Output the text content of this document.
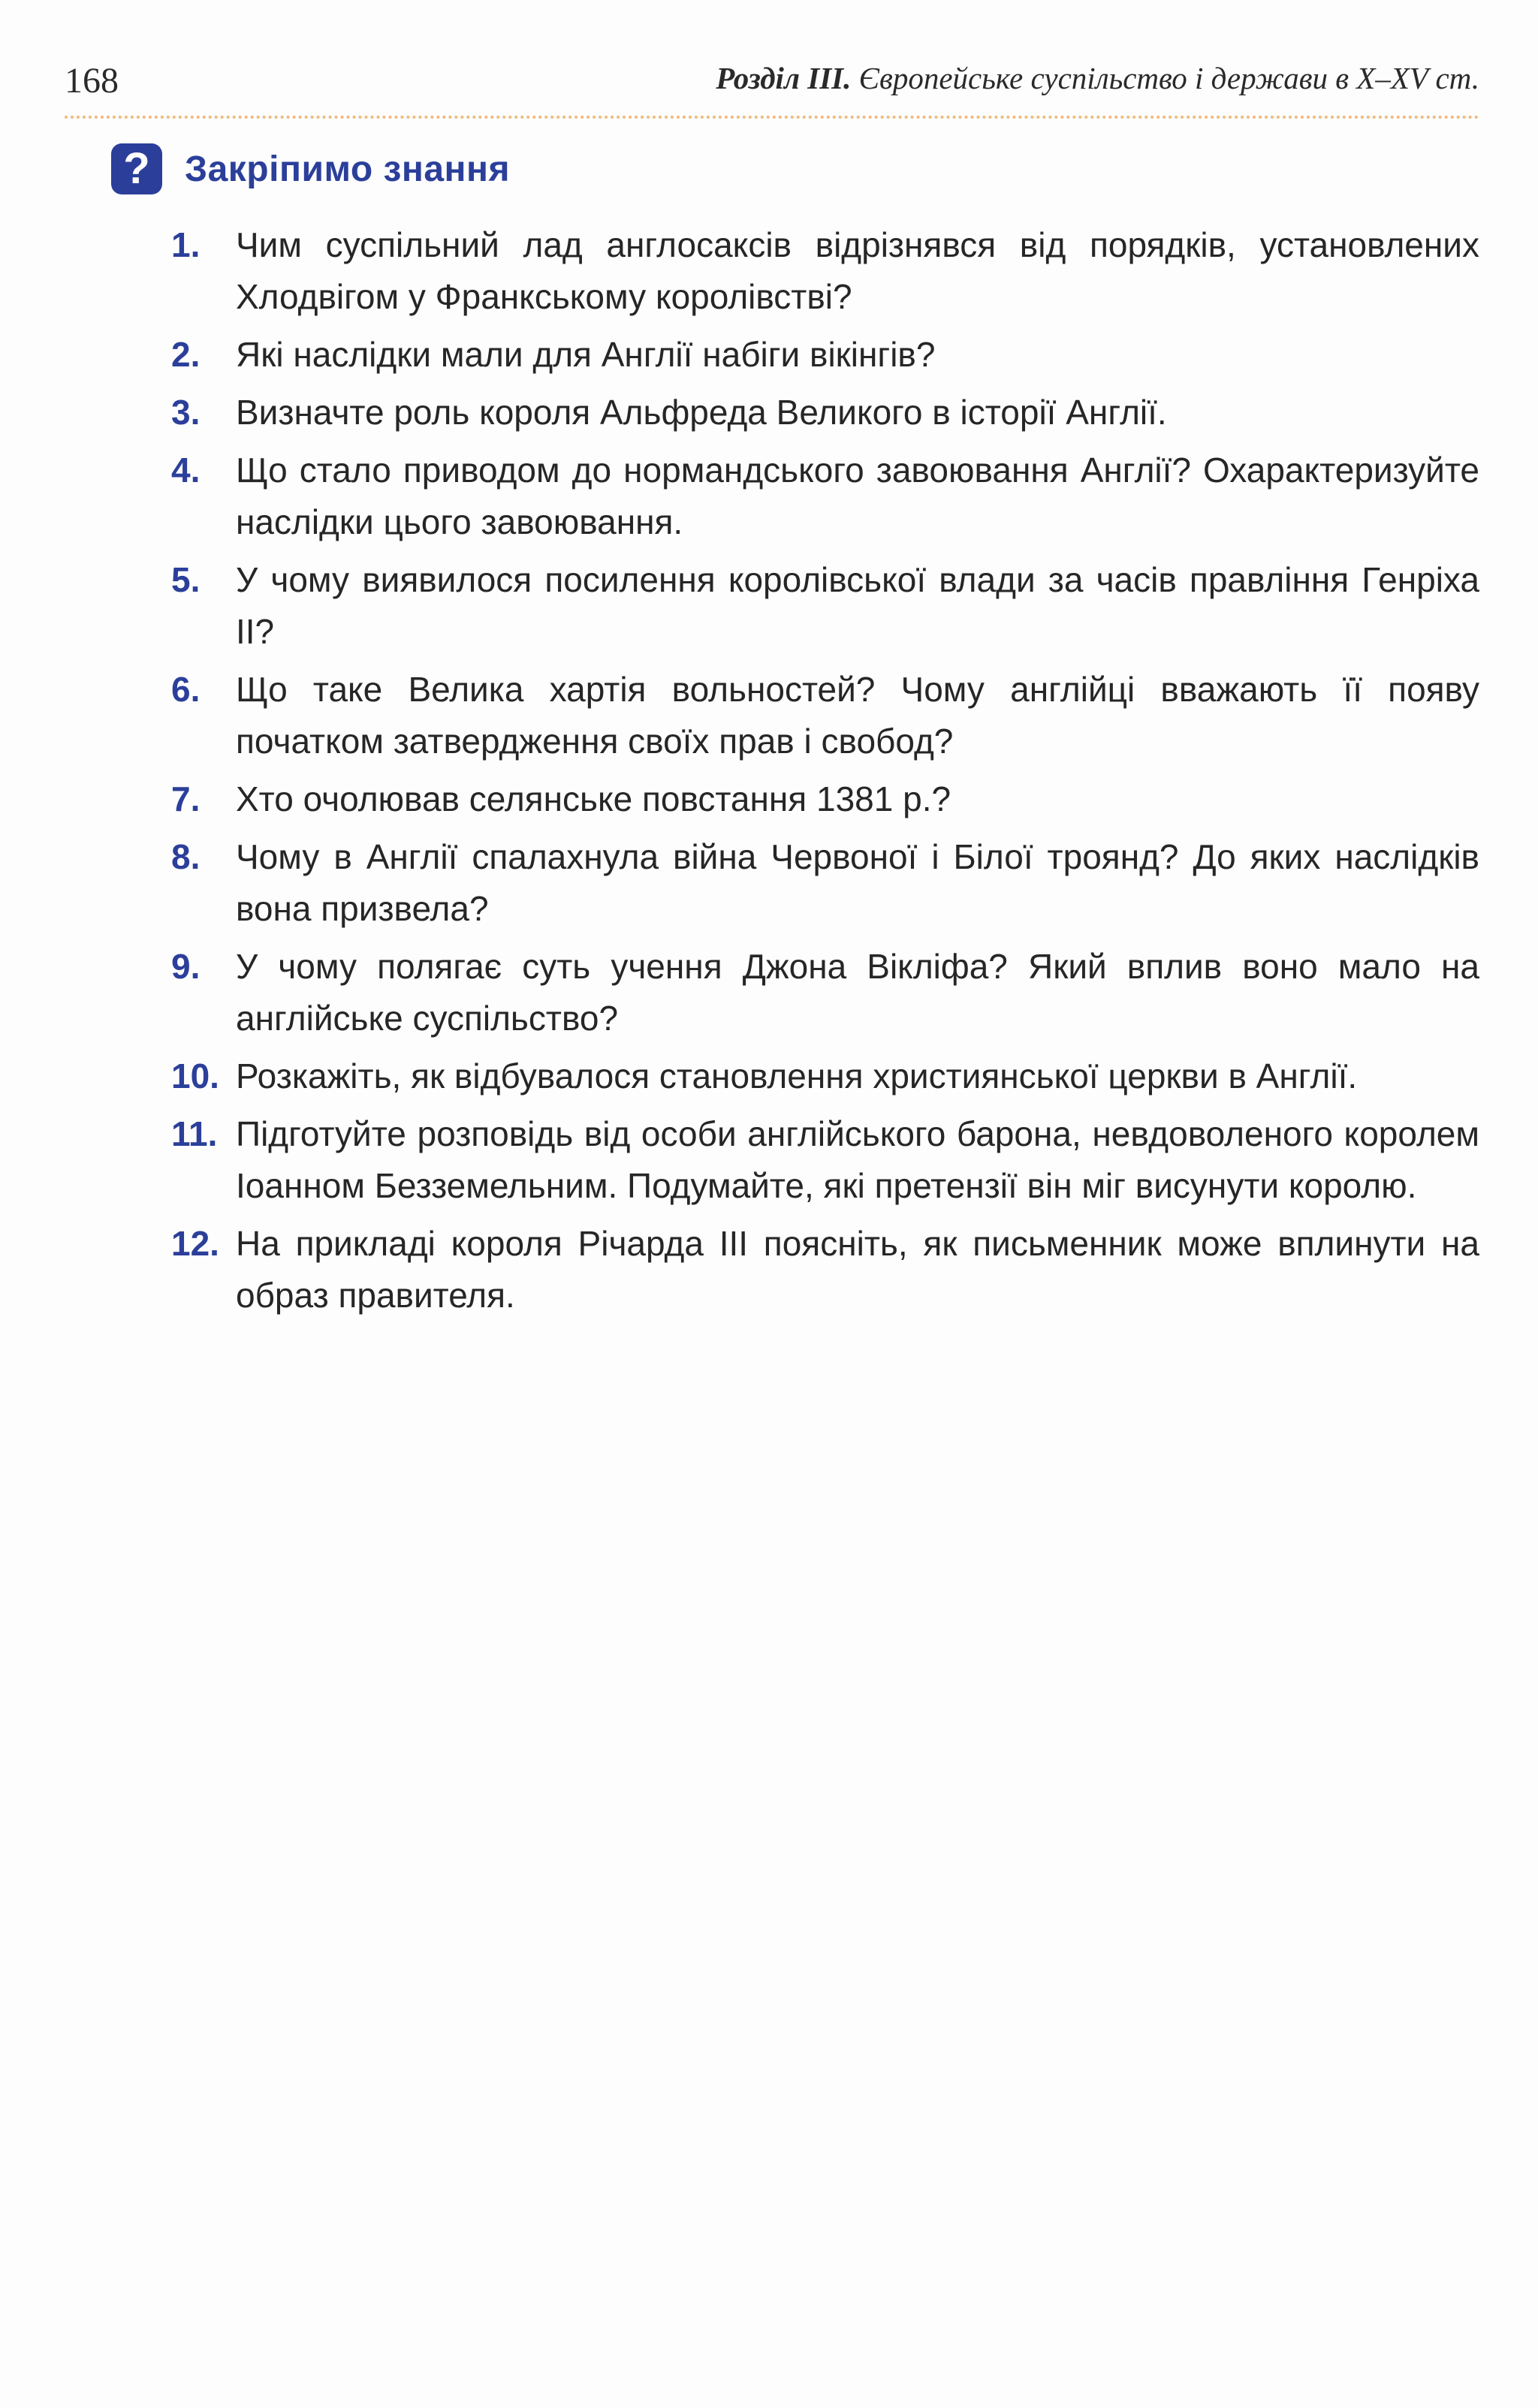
168	Розділ III. Європейське суспільство і держави в X–XV ст.
? Закріпимо знання
1. Чим суспільний лад англосаксів відрізнявся від порядків, установлених Хлодвігом у Франкському королівстві?
2. Які наслідки мали для Англії набіги вікінгів?
3. Визначте роль короля Альфреда Великого в історії Англії.
4. Що стало приводом до нормандського завоювання Англії? Охарактеризуйте наслідки цього завоювання.
5. У чому виявилося посилення королівської влади за часів правління Генріха II?
6. Що таке Велика хартія вольностей? Чому англійці вважають її появу початком затвердження своїх прав і свобод?
7. Хто очолював селянське повстання 1381 р.?
8. Чому в Англії спалахнула війна Червоної і Білої троянд? До яких наслідків вона призвела?
9. У чому полягає суть учення Джона Вікліфа? Який вплив воно мало на англійське суспільство?
10. Розкажіть, як відбувалося становлення християнської церкви в Англії.
11. Підготуйте розповідь від особи англійського барона, невдоволеного королем Іоанном Безземельним. Подумайте, які претензії він міг висунути королю.
12. На прикладі короля Річарда III поясніть, як письменник може вплинути на образ правителя.
